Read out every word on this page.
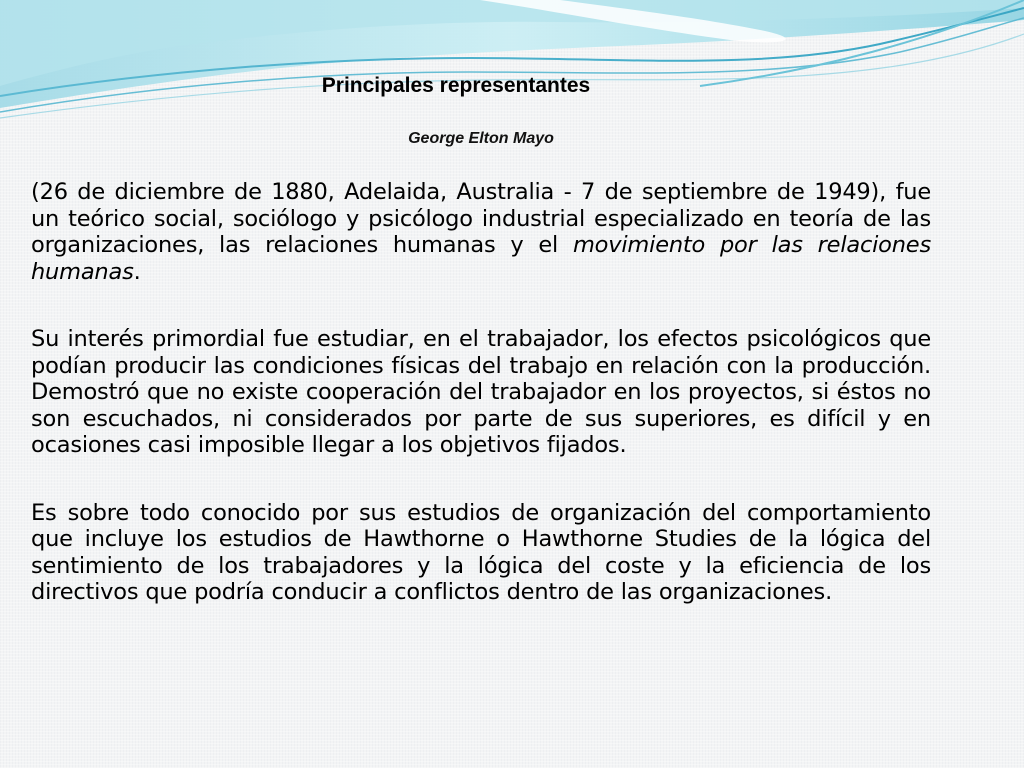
Principales representantes
George Elton Mayo

(26 de diciembre de 1880, Adelaida, Australia - 7 de septiembre de 1949), fue un teórico social, sociólogo y psicólogo industrial especializado en teoría de las organizaciones, las relaciones humanas y el movimiento por las relaciones humanas.

Su interés primordial fue estudiar, en el trabajador, los efectos psicológicos que podían producir las condiciones físicas del trabajo en relación con la producción. Demostró que no existe cooperación del trabajador en los proyectos, si éstos no son escuchados, ni considerados por parte de sus superiores, es difícil y en ocasiones casi imposible llegar a los objetivos fijados.

Es sobre todo conocido por sus estudios de organización del comportamiento que incluye los estudios de Hawthorne o Hawthorne Studies de la lógica del sentimiento de los trabajadores y la lógica del coste y la eficiencia de los directivos que podría conducir a conflictos dentro de las organizaciones.
